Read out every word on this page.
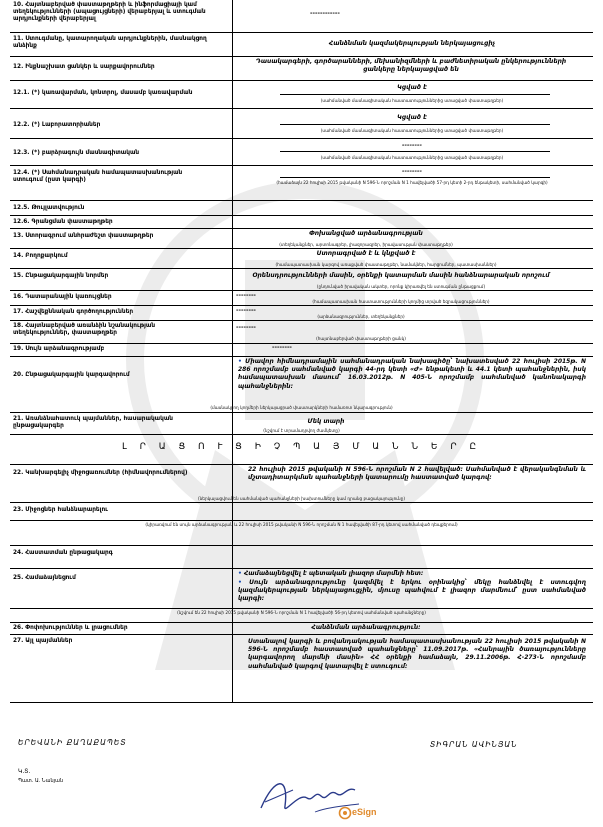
10. Հայտնաբերված փաստաթղթերի և ինֆորմացիայի կամ տեղեկությունների (ապացույցների) վերաբերյալ և ստուգման արդյունքների վերաբերյալ
------------
11. Ստուգմանը, կատարողական արդյունքներին, մասնակցող անձինք	Հանձնման կազմակերպության ներկայացուցիչ
12. Ինքնաշխատ ցանկեր և սարքավորումներ
Դասակարգերի, գործարանների, մեխանիզմների և բաժնետիրական ընկերությունների ցանկերը ներկայացված են
12.1. (*) կառավարման, կոնտրոլ, մասամբ կառավարման
Կցված է
(սահմանված մասնագիտական հաստատություններից ստացված փաստաթղթեր)
12.2. (*) Լաբորատորիաներ
Կցված է
(սահմանված մասնագիտական հաստատություններից ստացված փաստաթղթեր)
12.3. (*) բարձրագույն մասնագիտական
--------
(սահմանված մասնագիտական հաստատություններից ստացված փաստաթղթեր)
12.4. (*) Սահմանադրական համապատասխանության ստուգում (ըստ կարգի)
--------
(համաձայն 22 հուլիսի 2015 թվականի N 596-Ն որոշման N 1 հավելվածի 57-րդ կետի 2-րդ ենթակետի, սահմանված կարգի)
12.5. Թույլատվություն
12.6. Գրանցման փաստաթղթեր
13. Ստորագրում անհրաժեշտ փաստաթղթեր	Փոխանցված արձանագրության
(տեղեկանքներ, արտոնագրեր, լիազորագրեր, իրավասության փաստաթղթեր)
14. Բողոքարկում	Ստորագրված է և կնքված է
(համապատասխան կարգով առաքված փաստաթղթեր, նամակներ, հարցումներ, պատասխաններ)
15. Ընթացակարգային նորմեր	Օրենսդրությունների մասին, օրենքի կատարման մասին հանձնարարական որոշում
(ընդունված իրավական ակտեր, որոնք կիրառվել են ստուգման ընթացքում)
16. Դատարանային կառույցներ	--------
(համապատասխան հաստատությունների կողմից տրված եզրակացություններ)
17. Հաշվեքննական գործողություններ	--------
(արձանագրություններ, տեղեկանքներ)
18. Հայտնաբերված առանձին նշանակության տեղեկություններ, փաստաթղթեր
--------
(հայտնաբերված փաստաթղթերի ցանկ)
19. Սույն արձանագրությամբ	--------
20. Ընթացակարգային կարգավորում
• Միավոր հիմնադրամային սահմանադրական նախագիծը՝ նախատեսված 22 հուլիսի 2015թ. N 286 որոշմամբ սահմանված կարգի 44-րդ կետի «Ժ» ենթակետի և 44.1 կետի պահանջներին, իսկ համապատասխան մասում՝ 16.03.2012թ. N 405-Ն որոշմամբ սահմանված կանոնակարգի պահանջներին:
(մասնակցող կողմերի ներկայացրած փաստարկների համառոտ նկարագրություն)
21. Առանձնահատուկ պայմաններ, հասարակական ընթացակարգեր
Մեկ տարի
(նշվում է տրամադրվող ժամկետը)
Լ Ր Ա Ց Ո Ւ Ց Ի Չ Պ Ա Յ Մ Ա Ն Ն Ե Ր Ը
22. Կանխարգելիչ միջոցառումներ (հիմնավորումներով)	22 հուլիսի 2015 թվականի N 596-Ն որոշման N 2 հավելված: Սահմանված է վերականգնման և մշտադիտարկման պահանջների կատարումը հաստատված կարգով:
(ներկայացվում են սահմանված պահանջների խախտումները կամ դրանց բացակայությունը)
23. Միջոցներ հանձնարարելու
(կիրառվում են սույն արձանագրության և 22 հուլիսի 2015 թվականի N 596-Ն որոշման N 1 հավելվածի 87-րդ կետով սահմանված դեպքերում)
24. Հաստատման ընթացակարգ
25. Համաձայնեցում
• Համաձայնեցվել է պետական լիազոր մարմնի հետ:
• Սույն արձանագրությունը կազմվել է երկու օրինակից՝ մեկը հանձնվել է ստուգվող կազմակերպության ներկայացուցչին, մյուսը պահվում է լիազոր մարմնում՝ ըստ սահմանված կարգի:
(նշվում են 22 հուլիսի 2015 թվականի N 596-Ն որոշման N 1 հավելվածի 56-րդ կետով սահմանված պահանջները)
26. Փոփոխություններ և լրացումներ	Հանձնման արձանագրություն:
27. Այլ պայմաններ	Ստանալով կարգի և բովանդակության համապատասխանության 22 հուլիսի 2015 թվականի N 596-Ն որոշմամբ հաստատված պահանջները՝ 11.09.2017թ. «Հանրային ծառայությունները կարգավորող մարմնի մասին» ՀՀ օրենքի համաձայն, 29.11.2006թ. Հ-273-Ն որոշմամբ սահմանված կարգով կատարվել է ստուգում:
ԵՐԵՎԱՆԻ ՔԱՂԱՔԱՊԵՏ	ՏԻԳՐԱՆ ԱՎԻՆՅԱՆ
Կ.Տ.
Պատ. Ա. Նանյան
eSign
